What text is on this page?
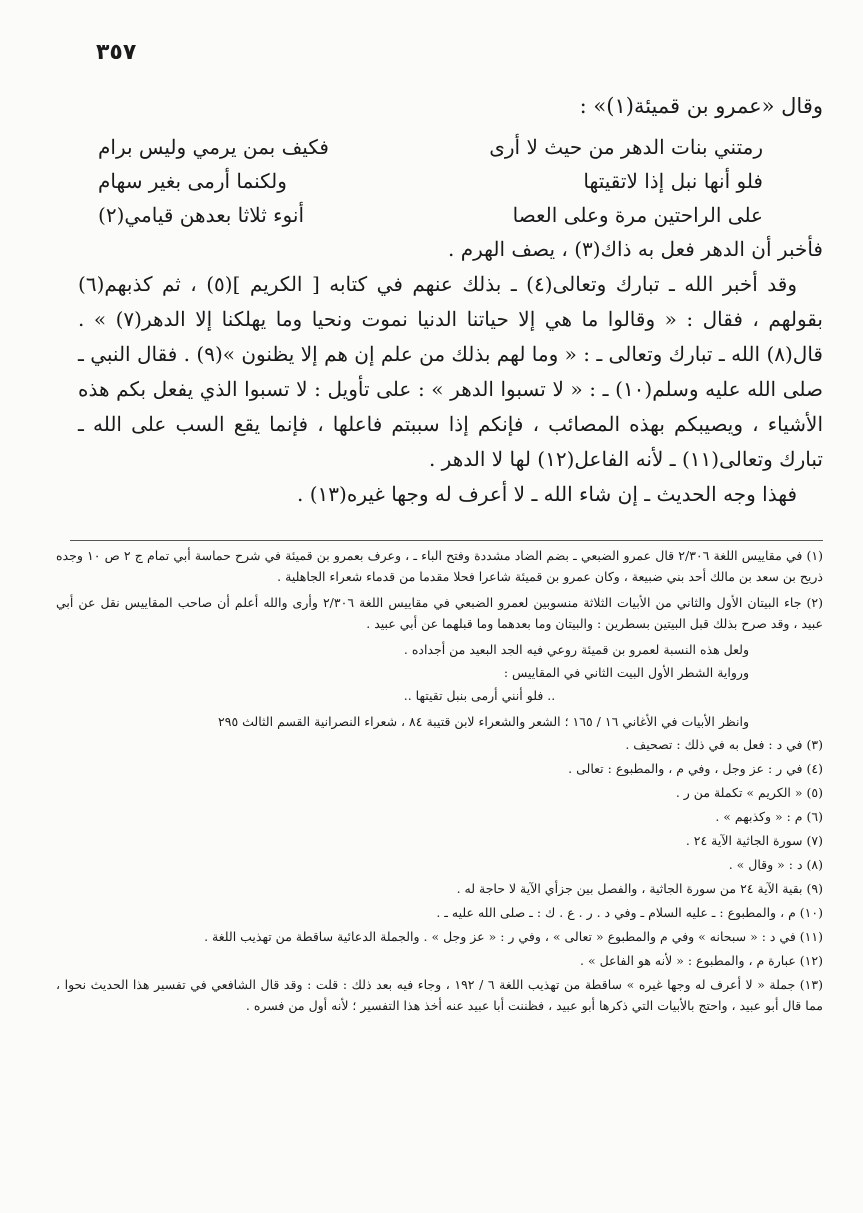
٣٥٧

وقال «عمرو بن قميئة(١)» :

رمتني بنات الدهر من حيث لا أرى
فكيف بمن يرمي وليس برام
فلو أنها نبل إذا لاتقيتها
ولكنما أرمى بغير سهام
على الراحتين مرة وعلى العصا
أنوء ثلاثا بعدهن قيامي(٢)

فأخبر أن الدهر فعل به ذاك(٣) ، يصف الهرم .

وقد أخبر الله ـ تبارك وتعالى(٤) ـ بذلك عنهم في كتابه [ الكريم ](٥) ، ثم كذبهم(٦) بقولهم ، فقال : « وقالوا ما هي إلا حياتنا الدنيا نموت ونحيا وما يهلكنا إلا الدهر(٧) » . قال(٨) الله ـ تبارك وتعالى ـ : « وما لهم بذلك من علم إن هم إلا يظنون »(٩) . فقال النبي ـ صلى الله عليه وسلم(١٠) ـ : « لا تسبوا الدهر » : على تأويل : لا تسبوا الذي يفعل بكم هذه الأشياء ، ويصيبكم بهذه المصائب ، فإنكم إذا سببتم فاعلها ، فإنما يقع السب على الله ـ تبارك وتعالى(١١) ـ لأنه الفاعل(١٢) لها لا الدهر .

فهذا وجه الحديث ـ إن شاء الله ـ لا أعرف له وجها غيره(١٣) .

(١) في مقاييس اللغة ٢/٣٠٦ قال عمرو الضبعي ـ بضم الضاد مشددة وفتح الباء ـ ، وعرف بعمرو بن قميئة في شرح حماسة أبي تمام ج ٢ ص ١٠ وجده ذريح بن سعد بن مالك أحد بني ضبيعة ، وكان عمرو بن قميئة شاعرا فحلا مقدما من قدماء شعراء الجاهلية .

(٢) جاء البيتان الأول والثاني من الأبيات الثلاثة منسوبين لعمرو الضبعي في مقاييس اللغة ٢/٣٠٦ وأرى والله أعلم أن صاحب المقاييس نقل عن أبي عبيد ، وقد صرح بذلك قبل البيتين بسطرين : والبيتان وما بعدهما وما قبلهما عن أبي عبيد .

ولعل هذه النسبة لعمرو بن قميئة روعي فيه الجد البعيد من أجداده .

ورواية الشطر الأول البيت الثاني في المقاييس :

.. فلو أنني أرمى بنبل تقيتها ..

وانظر الأبيات في الأغاني ١٦ / ١٦٥ ؛ الشعر والشعراء لابن قتيبة ٨٤ ، شعراء النصرانية القسم الثالث ٢٩٥

(٣) في د : فعل به في ذلك : تصحيف .

(٤) في ر : عز وجل ، وفي م ، والمطبوع : تعالى .

(٥) « الكريم » تكملة من ر .

(٦) م : « وكذبهم » .

(٧) سورة الجاثية الآية ٢٤ .

(٨) د : « وقال » .

(٩) بقية الآية ٢٤ من سورة الجاثية ، والفصل بين جزأي الآية لا حاجة له .

(١٠) م ، والمطبوع : ـ عليه السلام ـ وفي د . ر . ع . ك : ـ صلى الله عليه ـ .

(١١) في د : « سبحانه » وفي م والمطبوع « تعالى » ، وفي ر : « عز وجل » . والجملة الدعائية ساقطة من تهذيب اللغة .

(١٢) عبارة م ، والمطبوع : « لأنه هو الفاعل » .

(١٣) جملة « لا أعرف له وجها غيره » ساقطة من تهذيب اللغة ٦ / ١٩٢ ، وجاء فيه بعد ذلك : قلت : وقد قال الشافعي في تفسير هذا الحديث نحوا ، مما قال أبو عبيد ، واحتج بالأبيات التي ذكرها أبو عبيد ، فظننت أبا عبيد عنه أخذ هذا التفسير ؛ لأنه أول من فسره .
